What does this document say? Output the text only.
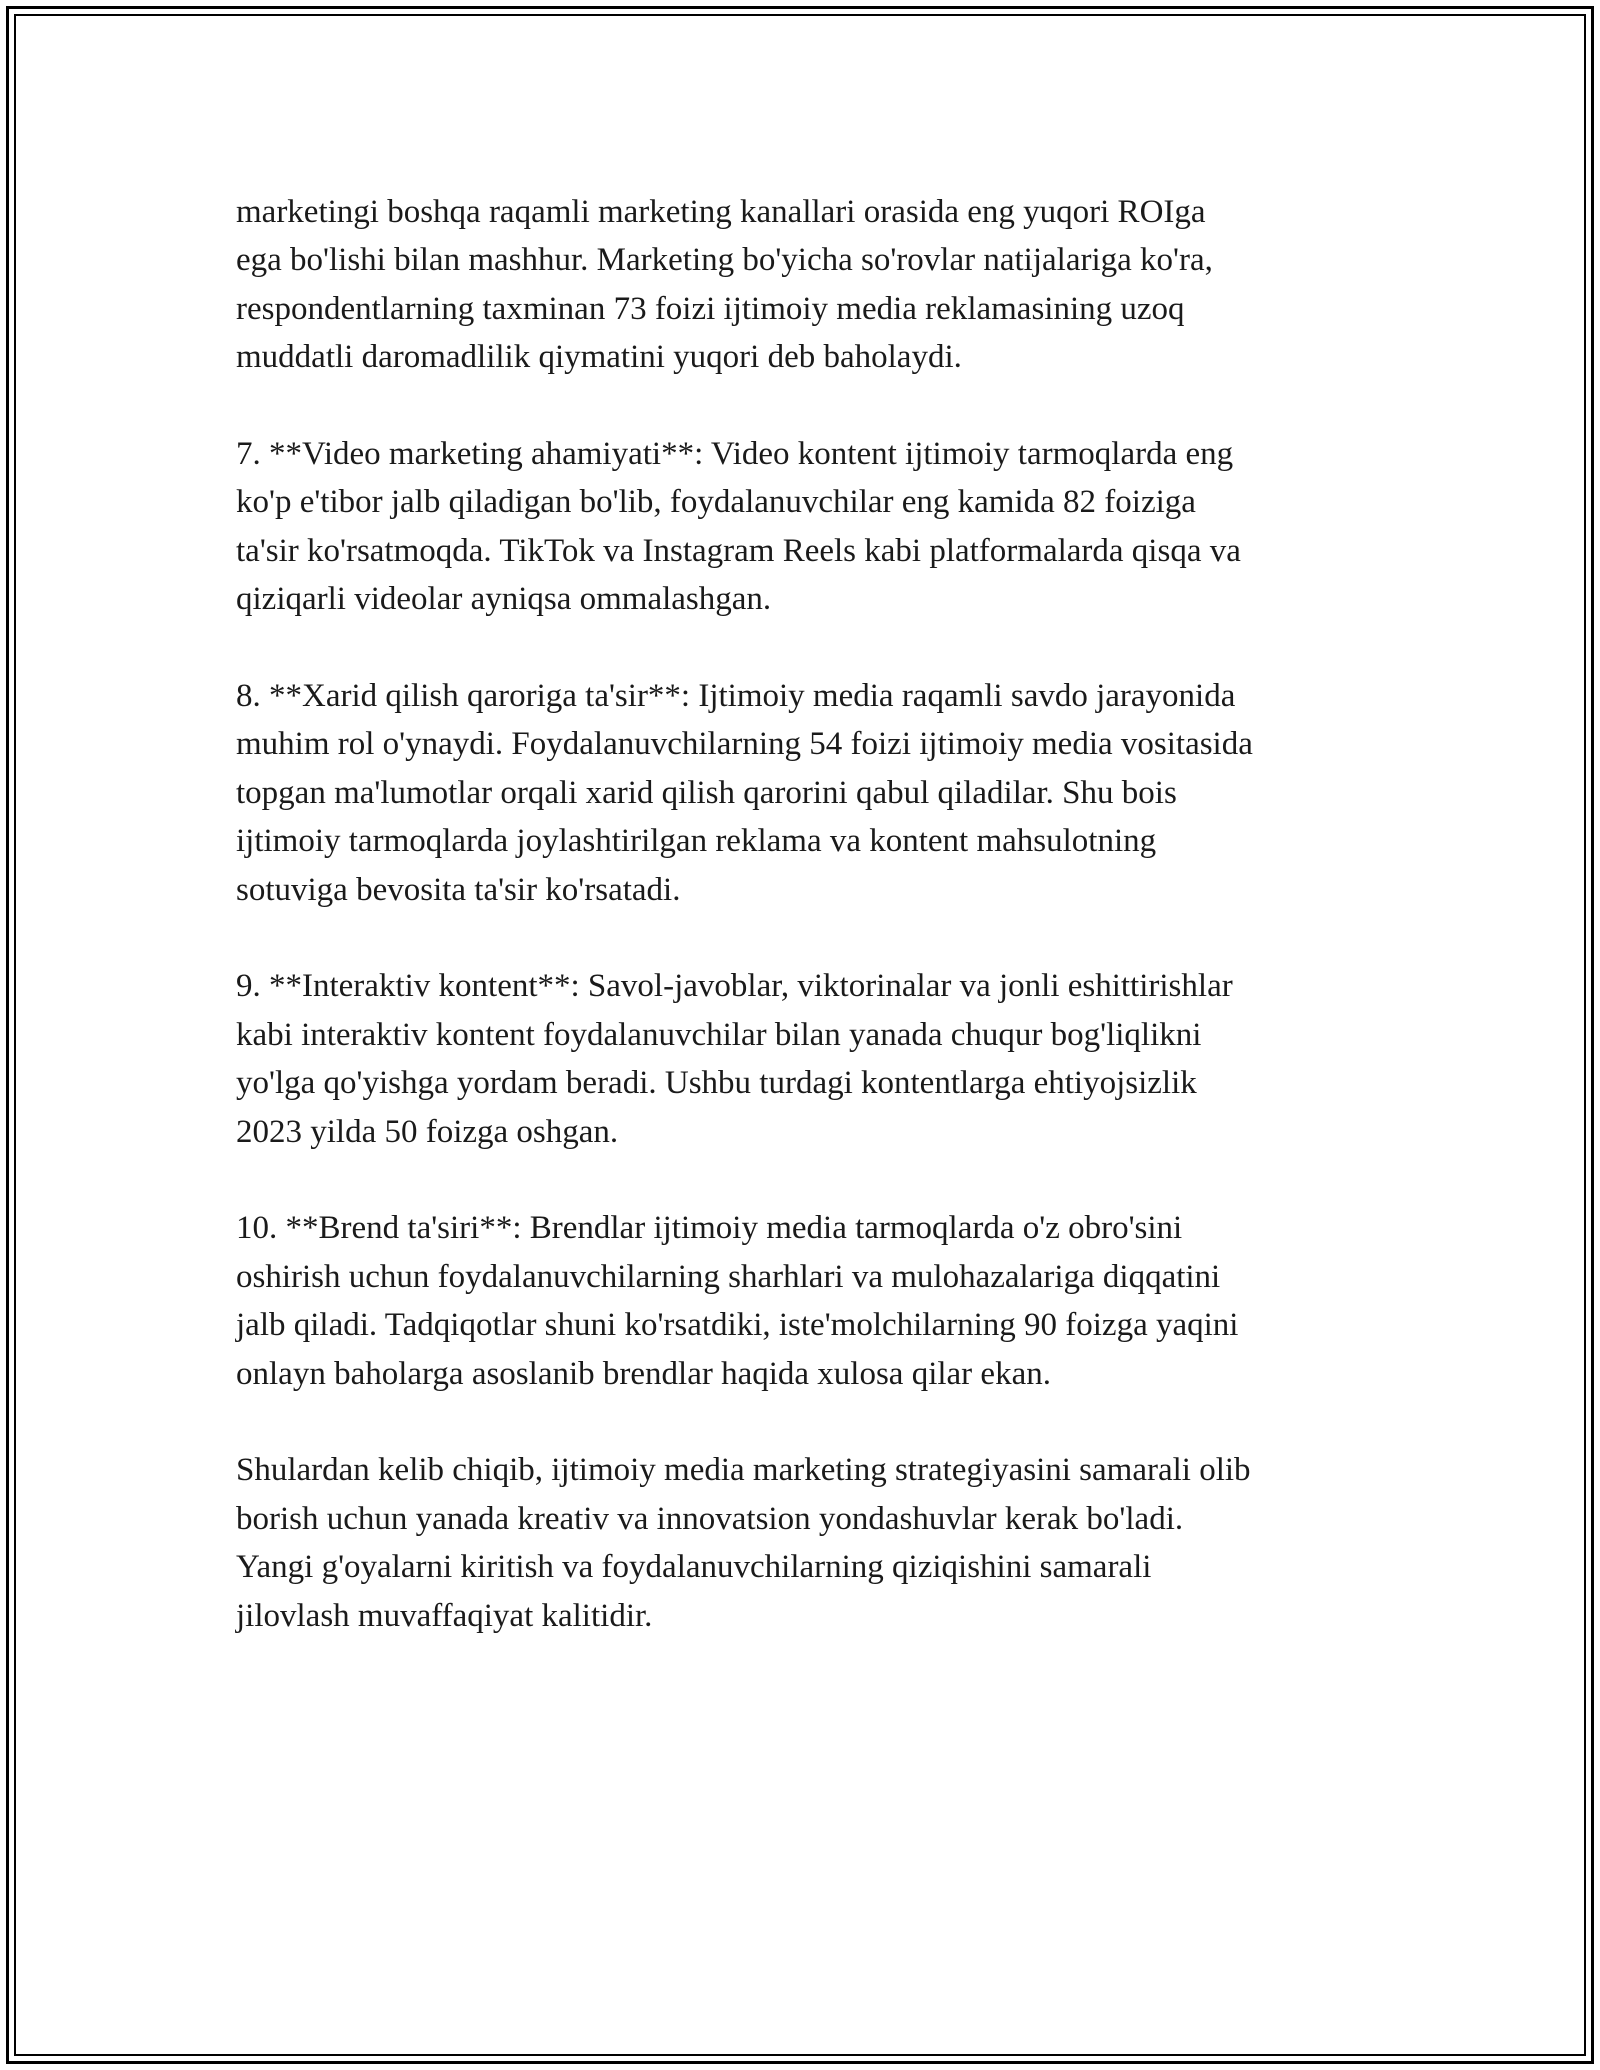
marketingi boshqa raqamli marketing kanallari orasida eng yuqori ROIga
ega bo'lishi bilan mashhur. Marketing bo'yicha so'rovlar natijalariga ko'ra,
respondentlarning taxminan 73 foizi ijtimoiy media reklamasining uzoq
muddatli daromadlilik qiymatini yuqori deb baholaydi.

7. **Video marketing ahamiyati**: Video kontent ijtimoiy tarmoqlarda eng
ko'p e'tibor jalb qiladigan bo'lib, foydalanuvchilar eng kamida 82 foiziga
ta'sir ko'rsatmoqda. TikTok va Instagram Reels kabi platformalarda qisqa va
qiziqarli videolar ayniqsa ommalashgan.

8. **Xarid qilish qaroriga ta'sir**: Ijtimoiy media raqamli savdo jarayonida
muhim rol o'ynaydi. Foydalanuvchilarning 54 foizi ijtimoiy media vositasida
topgan ma'lumotlar orqali xarid qilish qarorini qabul qiladilar. Shu bois
ijtimoiy tarmoqlarda joylashtirilgan reklama va kontent mahsulotning
sotuviga bevosita ta'sir ko'rsatadi.

9. **Interaktiv kontent**: Savol-javoblar, viktorinalar va jonli eshittirishlar
kabi interaktiv kontent foydalanuvchilar bilan yanada chuqur bog'liqlikni
yo'lga qo'yishga yordam beradi. Ushbu turdagi kontentlarga ehtiyojsizlik
2023 yilda 50 foizga oshgan.

10. **Brend ta'siri**: Brendlar ijtimoiy media tarmoqlarda o'z obro'sini
oshirish uchun foydalanuvchilarning sharhlari va mulohazalariga diqqatini
jalb qiladi. Tadqiqotlar shuni ko'rsatdiki, iste'molchilarning 90 foizga yaqini
onlayn baholarga asoslanib brendlar haqida xulosa qilar ekan.

Shulardan kelib chiqib, ijtimoiy media marketing strategiyasini samarali olib
borish uchun yanada kreativ va innovatsion yondashuvlar kerak bo'ladi.
Yangi g'oyalarni kiritish va foydalanuvchilarning qiziqishini samarali
jilovlash muvaffaqiyat kalitidir.
